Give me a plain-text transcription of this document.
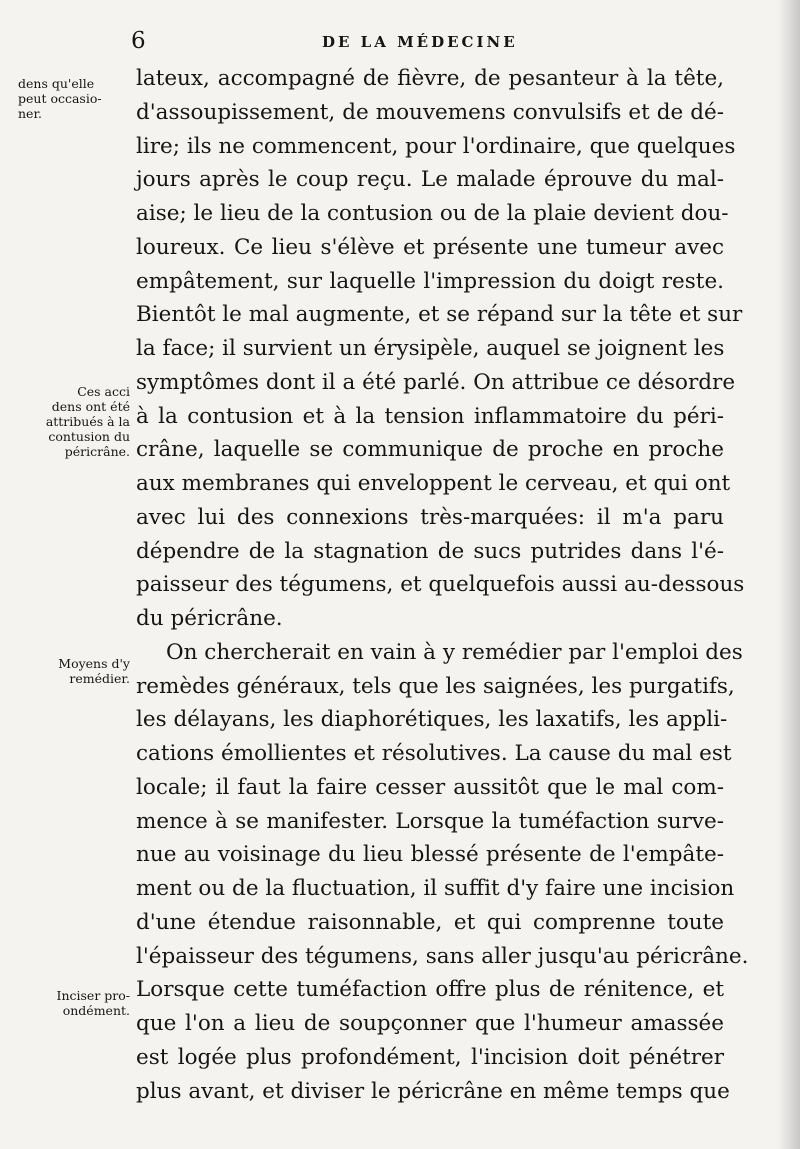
6	DE LA MÉDECINE
dens qu'elle
peut occasio-
ner.
Ces acci
dens ont été
attribués à la
contusion du
péricrâne.
Moyens d'y
remédier.
Inciser pro-
ondément.
lateux, accompagné de fièvre, de pesanteur à la tête,
d'assoupissement, de mouvemens convulsifs et de dé-
lire; ils ne commencent, pour l'ordinaire, que quelques
jours après le coup reçu. Le malade éprouve du mal-
aise; le lieu de la contusion ou de la plaie devient dou-
loureux. Ce lieu s'élève et présente une tumeur avec
empâtement, sur laquelle l'impression du doigt reste.
Bientôt le mal augmente, et se répand sur la tête et sur
la face; il survient un érysipèle, auquel se joignent les
symptômes dont il a été parlé. On attribue ce désordre
à la contusion et à la tension inflammatoire du péri-
crâne, laquelle se communique de proche en proche
aux membranes qui enveloppent le cerveau, et qui ont
avec lui des connexions très-marquées: il m'a paru
dépendre de la stagnation de sucs putrides dans l'é-
paisseur des tégumens, et quelquefois aussi au-dessous
du péricrâne.
On chercherait en vain à y remédier par l'emploi des
remèdes généraux, tels que les saignées, les purgatifs,
les délayans, les diaphorétiques, les laxatifs, les appli-
cations émollientes et résolutives. La cause du mal est
locale; il faut la faire cesser aussitôt que le mal com-
mence à se manifester. Lorsque la tuméfaction surve-
nue au voisinage du lieu blessé présente de l'empâte-
ment ou de la fluctuation, il suffit d'y faire une incision
d'une étendue raisonnable, et qui comprenne toute
l'épaisseur des tégumens, sans aller jusqu'au péricrâne.
Lorsque cette tuméfaction offre plus de rénitence, et
que l'on a lieu de soupçonner que l'humeur amassée
est logée plus profondément, l'incision doit pénétrer
plus avant, et diviser le péricrâne en même temps que
